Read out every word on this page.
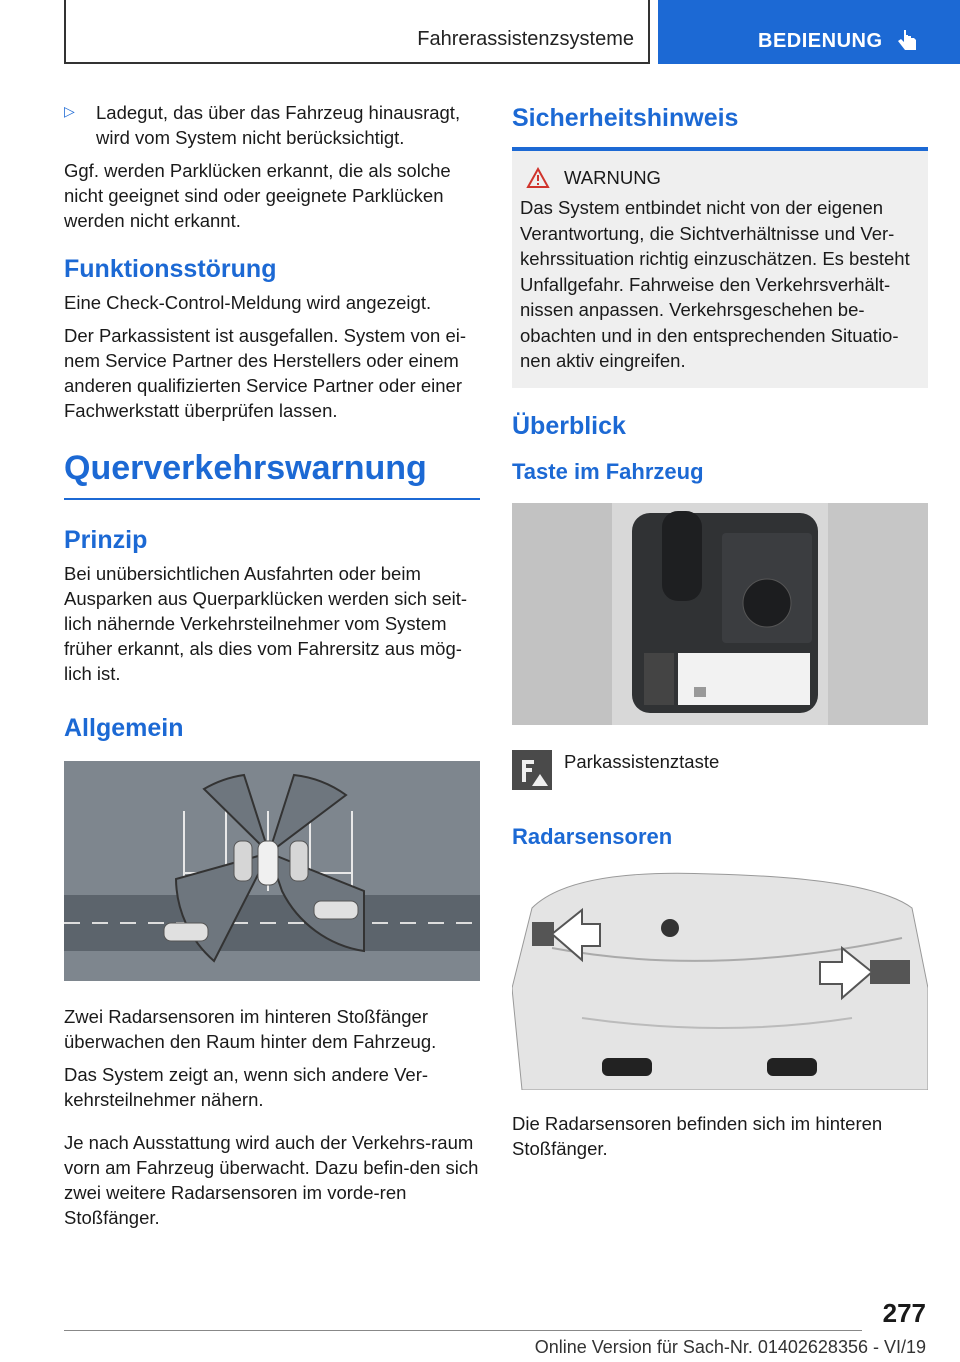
Fahrerassistenzsysteme	BEDIENUNG
▷	Ladegut, das über das Fahrzeug hinausragt, wird vom System nicht berücksichtigt.

Ggf. werden Parklücken erkannt, die als solche nicht geeignet sind oder geeignete Parklücken werden nicht erkannt.

Funktionsstörung

Eine Check-Control-Meldung wird angezeigt.

Der Parkassistent ist ausgefallen. System von ei-nem Service Partner des Herstellers oder einem anderen qualifizierten Service Partner oder einer Fachwerkstatt überprüfen lassen.

Querverkehrswarnung
Prinzip

Bei unübersichtlichen Ausfahrten oder beim Ausparken aus Querparklücken werden sich seit-lich nähernde Verkehrsteilnehmer vom System früher erkannt, als dies vom Fahrersitz aus mög-lich ist.

Allgemein

Zwei Radarsensoren im hinteren Stoßfänger überwachen den Raum hinter dem Fahrzeug.

Das System zeigt an, wenn sich andere Ver-kehrsteilnehmer nähern.

Je nach Ausstattung wird auch der Verkehrs-raum vorn am Fahrzeug überwacht. Dazu befin-den sich zwei weitere Radarsensoren im vorde-ren Stoßfänger.

Sicherheitshinweis
WARNUNG
Das System entbindet nicht von der eigenen Verantwortung, die Sichtverhältnisse und Ver-kehrssituation richtig einzuschätzen. Es besteht Unfallgefahr. Fahrweise den Verkehrsverhält-nissen anpassen. Verkehrsgeschehen be-obachten und in den entsprechenden Situatio-nen aktiv eingreifen.
Überblick
Taste im Fahrzeug
Parkassistenztaste
Radarsensoren

Die Radarsensoren befinden sich im hinteren Stoßfänger.

277
Online Version für Sach-Nr. 01402628356 - VI/19
